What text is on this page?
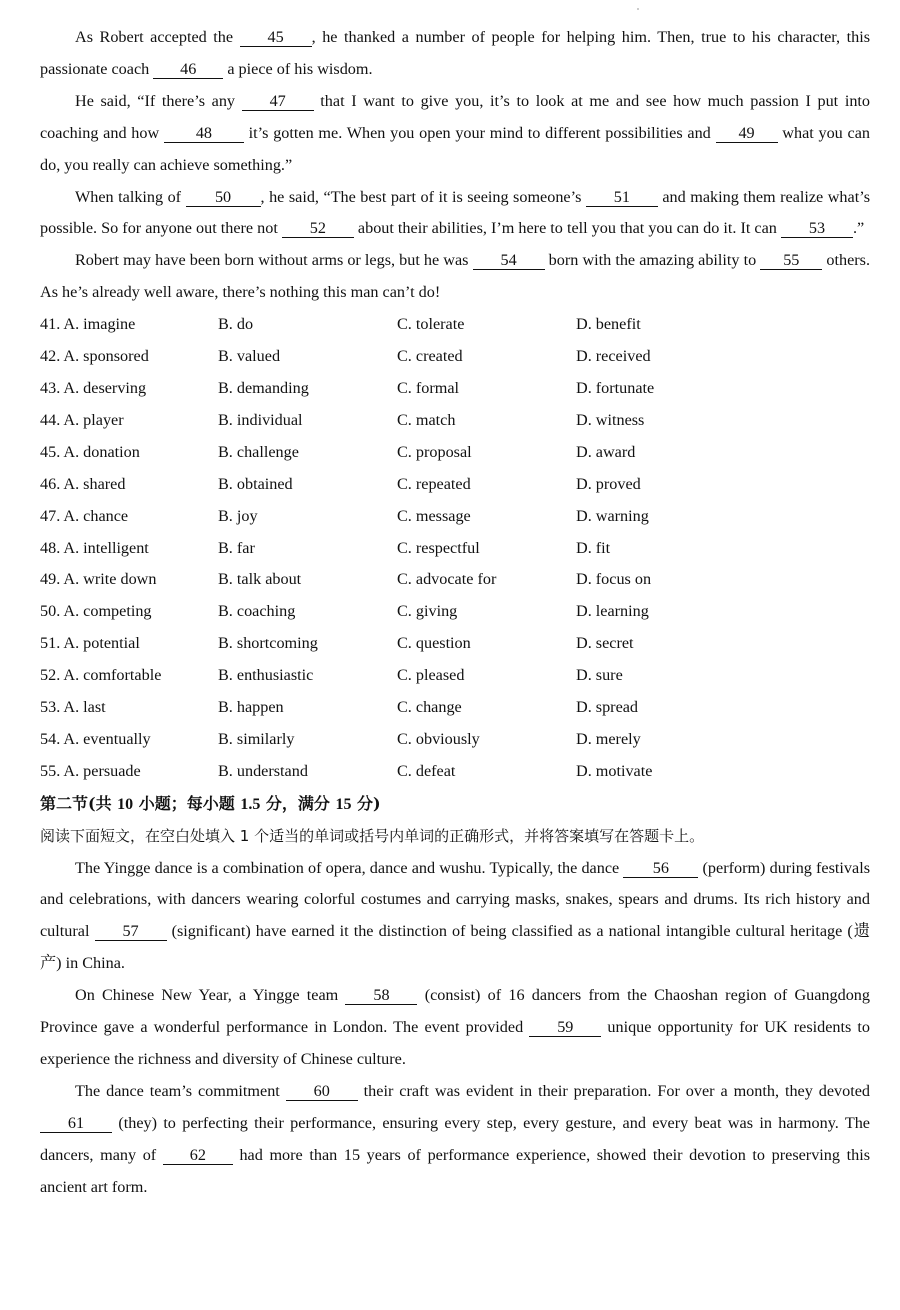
As Robert accepted the 45 , he thanked a number of people for helping him. Then, true to his character, this passionate coach 46 a piece of his wisdom.

He said, “If there’s any 47 that I want to give you, it’s to look at me and see how much passion I put into coaching and how 48 it’s gotten me. When you open your mind to different possibilities and 49 what you can do, you really can achieve something.”

When talking of 50 , he said, “The best part of it is seeing someone’s 51 and making them realize what’s possible. So for anyone out there not 52 about their abilities, I’m here to tell you that you can do it. It can 53 .”

Robert may have been born without arms or legs, but he was 54 born with the amazing ability to 55 others. As he’s already well aware, there’s nothing this man can’t do!

41. A. imagine	B. do	C. tolerate	D. benefit
42. A. sponsored	B. valued	C. created	D. received
43. A. deserving	B. demanding	C. formal	D. fortunate
44. A. player	B. individual	C. match	D. witness
45. A. donation	B. challenge	C. proposal	D. award
46. A. shared	B. obtained	C. repeated	D. proved
47. A. chance	B. joy	C. message	D. warning
48. A. intelligent	B. far	C. respectful	D. fit
49. A. write down	B. talk about	C. advocate for	D. focus on
50. A. competing	B. coaching	C. giving	D. learning
51. A. potential	B. shortcoming	C. question	D. secret
52. A. comfortable	B. enthusiastic	C. pleased	D. sure
53. A. last	B. happen	C. change	D. spread
54. A. eventually	B. similarly	C. obviously	D. merely
55. A. persuade	B. understand	C. defeat	D. motivate

第二节(共 10 小题；每小题 1.5 分，满分 15 分)

阅读下面短文，在空白处填入 1 个适当的单词或括号内单词的正确形式，并将答案填写在答题卡上。

The Yingge dance is a combination of opera, dance and wushu. Typically, the dance 56 (perform) during festivals and celebrations, with dancers wearing colorful costumes and carrying masks, snakes, spears and drums. Its rich history and cultural 57 (significant) have earned it the distinction of being classified as a national intangible cultural heritage (遗产) in China.

On Chinese New Year, a Yingge team 58 (consist) of 16 dancers from the Chaoshan region of Guangdong Province gave a wonderful performance in London. The event provided 59 unique opportunity for UK residents to experience the richness and diversity of Chinese culture.

The dance team’s commitment 60 their craft was evident in their preparation. For over a month, they devoted 61 (they) to perfecting their performance, ensuring every step, every gesture, and every beat was in harmony. The dancers, many of 62 had more than 15 years of performance experience, showed their devotion to preserving this ancient art form.
